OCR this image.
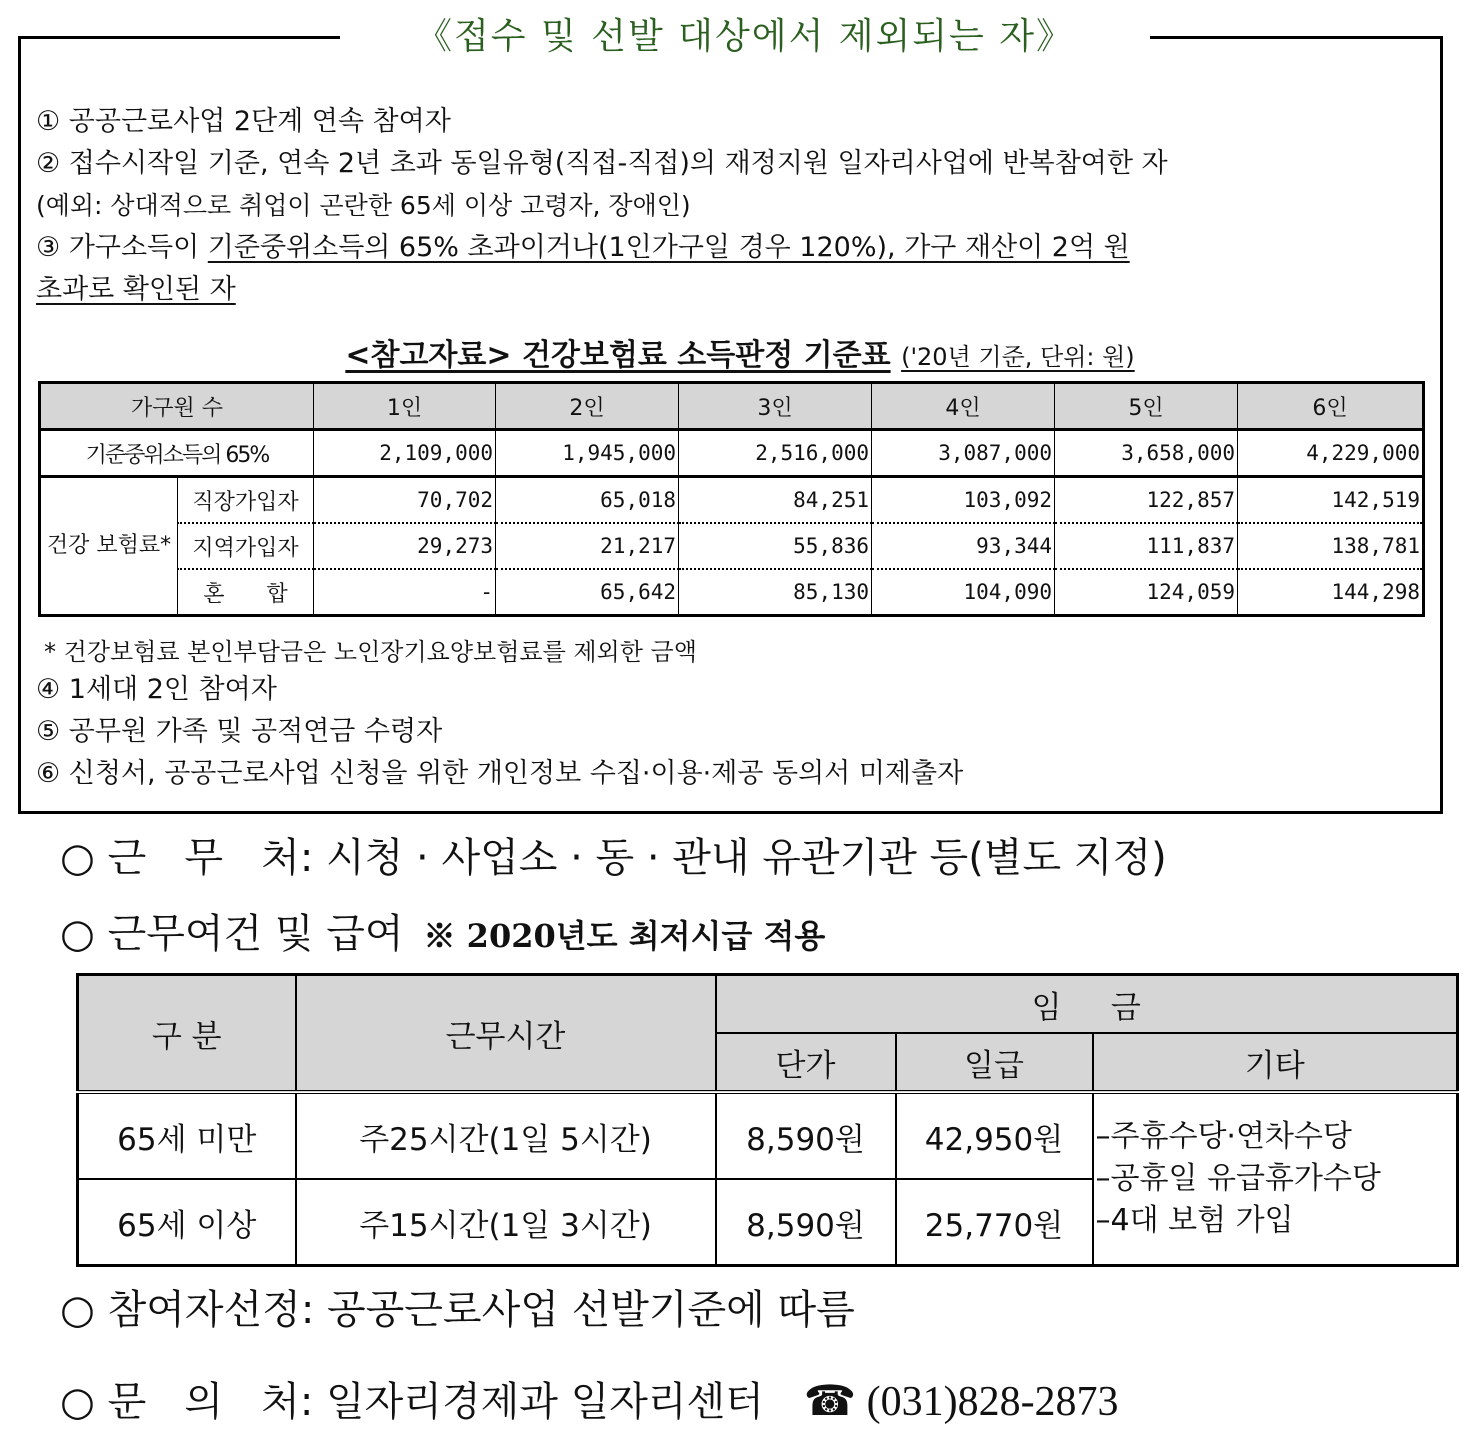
《접수 및 선발 대상에서 제외되는 자》
① 공공근로사업 2단계 연속 참여자
② 접수시작일 기준, 연속 2년 초과 동일유형(직접-직접)의 재정지원 일자리사업에 반복참여한 자
(예외: 상대적으로 취업이 곤란한 65세 이상 고령자, 장애인)
③ 가구소득이 기준중위소득의 65% 초과이거나(1인가구일 경우 120%), 가구 재산이 2억 원
초과로 확인된 자
<참고자료> 건강보험료 소득판정 기준표 ('20년 기준, 단위: 원)
가구원 수		1인	2인	3인	4인	5인	6인
기준중위소득의 65%		2,109,000	1,945,000	2,516,000	3,087,000	3,658,000	4,229,000
건강 보험료*	직장가입자	70,702	65,018	84,251	103,092	122,857	142,519
	지역가입자	29,273	21,217	55,836	93,344	111,837	138,781
	혼      합	-	65,642	85,130	104,090	124,059	144,298
* 건강보험료 본인부담금은 노인장기요양보험료를 제외한 금액
④ 1세대 2인 참여자
⑤ 공무원 가족 및 공적연금 수령자
⑥ 신청서, 공공근로사업 신청을 위한 개인정보 수집·이용·제공 동의서 미제출자
○ 근   무   처: 시청 · 사업소 · 동 · 관내 유관기관 등(별도 지정)
○ 근무여건 및 급여 ※ 2020년도 최저시급 적용
구 분	근무시간	임     금		
		단가	일급	기타
65세 미만	주25시간(1일 5시간)	8,590원	42,950원	–주휴수당·연차수당
–공휴일 유급휴가수당
–4대 보험 가입

65세 이상	주15시간(1일 3시간)	8,590원	25,770원	
○ 참여자선정: 공공근로사업 선발기준에 따름
○ 문   의   처: 일자리경제과 일자리센터 ☎ (031)828-2873
